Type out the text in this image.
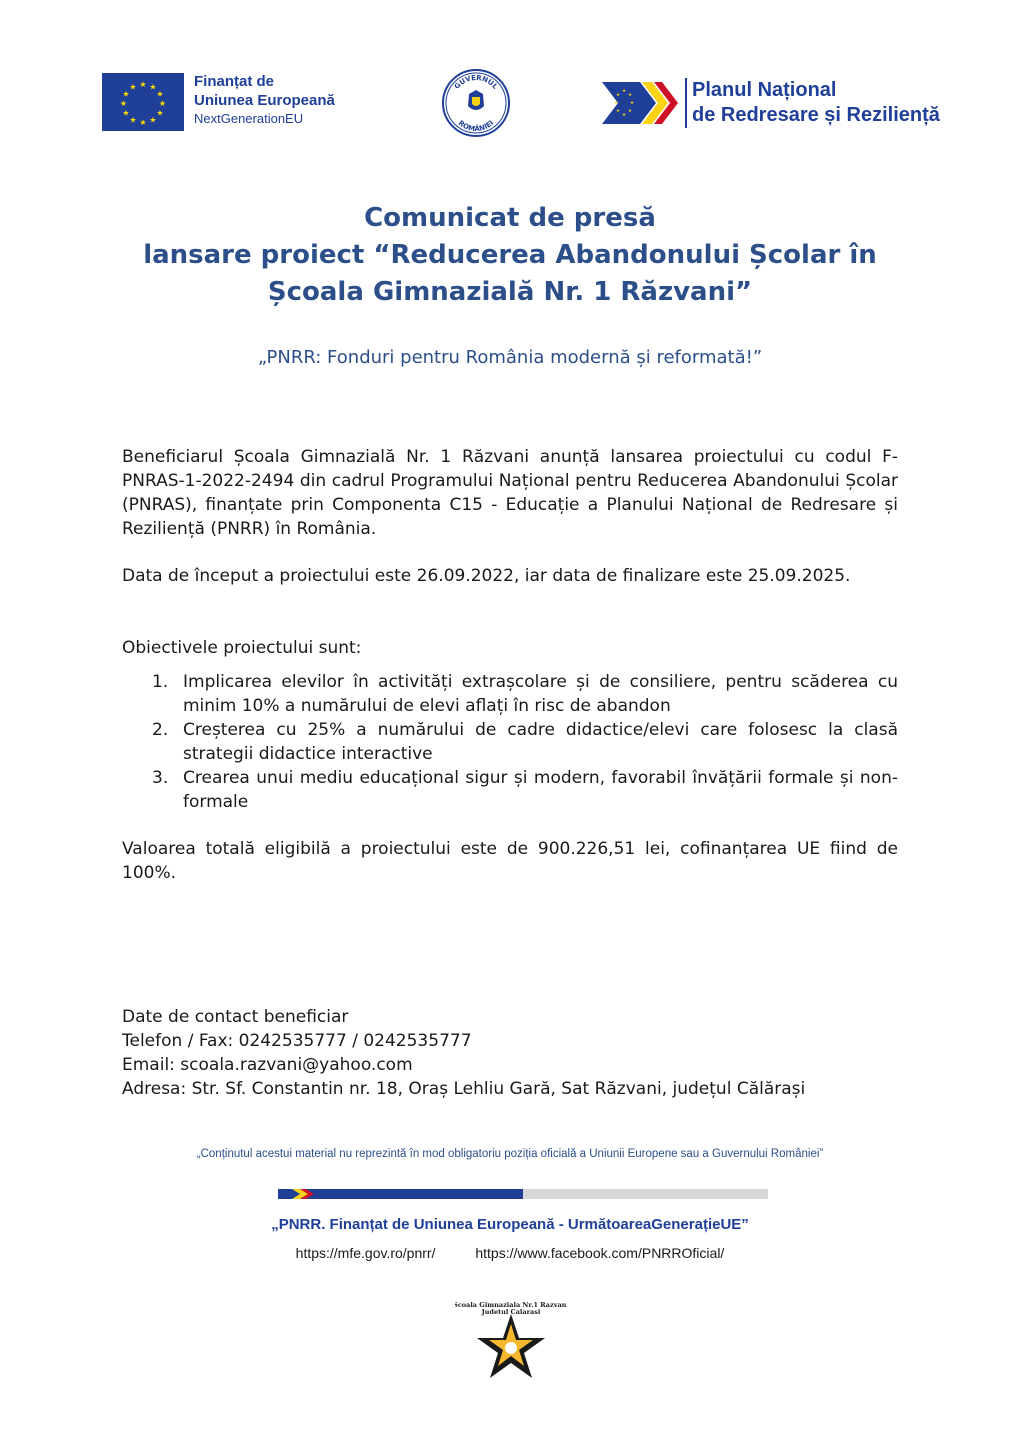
★ ★
★
★
★
★
★
★
★
★
★
★	Finanțat de
Uniunea Europeană
NextGenerationEU
GUVERNUL
ROMÂNIEI
★
★
★
★
★
★
★
★	Planul Național
de Redresare și Reziliență
Comunicat de presă
lansare proiect “Reducerea Abandonului Școlar în
Școala Gimnazială Nr. 1 Răzvani”
„PNRR: Fonduri pentru România modernă și reformată!”
Beneficiarul Școala Gimnazială Nr. 1 Răzvani anunță lansarea proiectului cu codul F-PNRAS-1-2022-2494 din cadrul Programului Național pentru Reducerea Abandonului Școlar (PNRAS), finanțate prin Componenta C15 - Educație a Planului Național de Redresare și Reziliență (PNRR) în România.
Data de început a proiectului este 26.09.2022, iar data de finalizare este 25.09.2025.
Obiectivele proiectului sunt:
1. Implicarea elevilor în activități extrașcolare și de consiliere, pentru scăderea cu minim 10% a numărului de elevi aflați în risc de abandon
2. Creșterea cu 25% a numărului de cadre didactice/elevi care folosesc la clasă strategii didactice interactive
3. Crearea unui mediu educațional sigur și modern, favorabil învățării formale și non-formale
Valoarea totală eligibilă a proiectului este de 900.226,51 lei, cofinanțarea UE fiind de 100%.
Date de contact beneficiar
Telefon / Fax: 0242535777 / 0242535777
Email: scoala.razvani@yahoo.com
Adresa: Str. Sf. Constantin nr. 18, Oraș Lehliu Gară, Sat Răzvani, județul Călărași
„Conținutul acestui material nu reprezintă în mod obligatoriu poziția oficială a Uniunii Europene sau a Guvernului României”
„PNRR. Finanțat de Uniunea Europeană - UrmătoareaGenerațieUE”
https://mfe.gov.ro/pnrr/	https://www.facebook.com/PNRROficial/
Scoala Gimnaziala Nr.1 Razvani
Judetul Calarasi
